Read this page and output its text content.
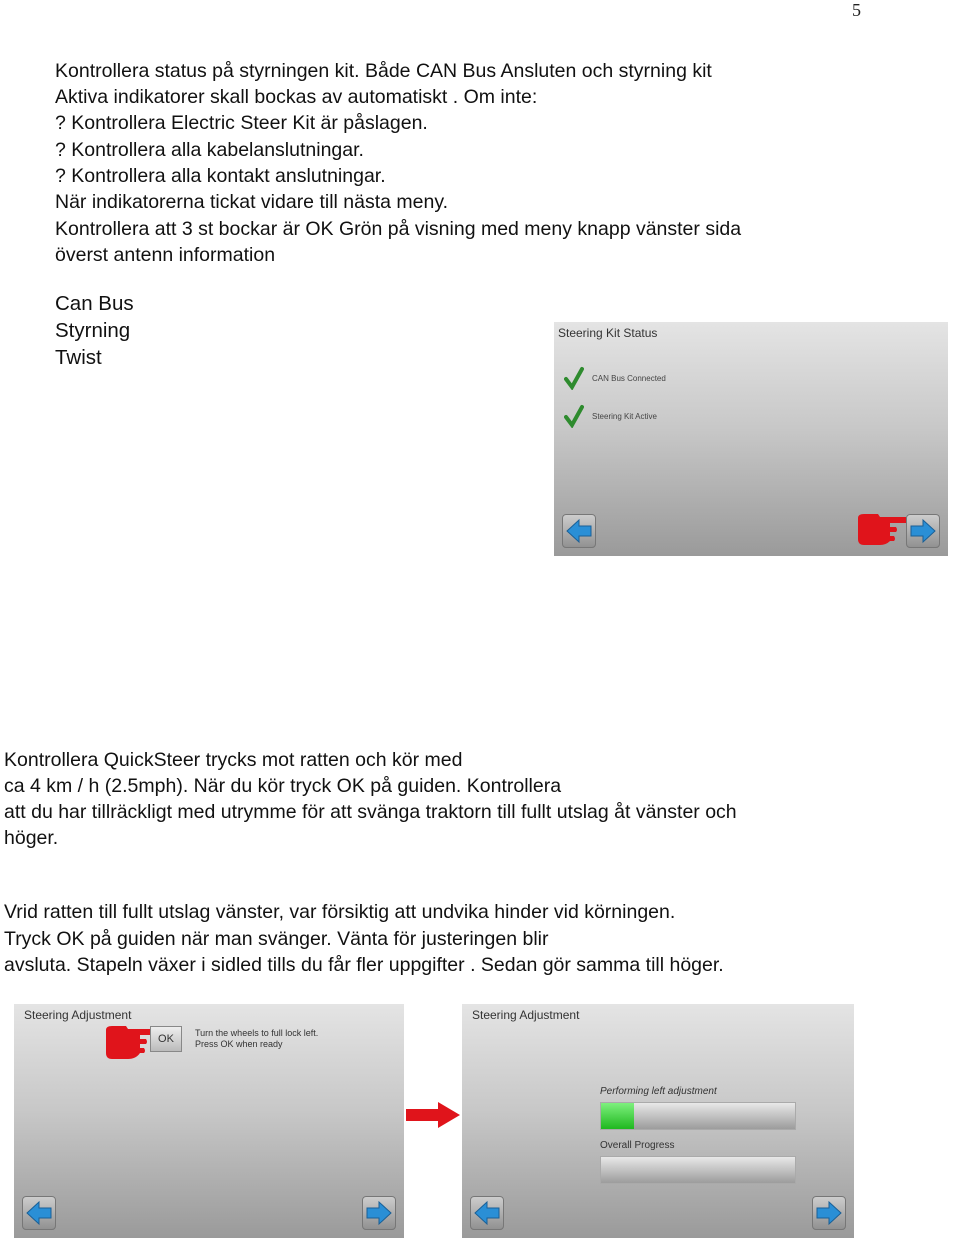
5
Kontrollera status på styrningen kit. Både CAN Bus Ansluten och styrning kit
Aktiva indikatorer skall bockas av automatiskt . Om inte:
? Kontrollera Electric Steer Kit är påslagen.
? Kontrollera alla kabelanslutningar.
? Kontrollera alla kontakt anslutningar.
När indikatorerna tickat vidare till nästa meny.
Kontrollera att 3 st bockar är OK Grön på visning med meny knapp vänster sida
överst antenn information
Can Bus
Styrning
Twist
Steering Kit Status
CAN Bus Connected
Steering Kit Active
Kontrollera QuickSteer trycks mot ratten och kör med
ca 4 km / h (2.5mph). När du kör tryck OK på guiden. Kontrollera
att du har tillräckligt med utrymme för att svänga traktorn till fullt utslag åt vänster och
höger.
Vrid ratten till fullt utslag vänster, var försiktig att undvika hinder vid körningen.
Tryck OK på guiden när man svänger. Vänta för justeringen blir
avsluta. Stapeln växer i sidled tills du får fler uppgifter . Sedan gör samma till höger.
Steering Adjustment
OK	Turn the wheels to full lock left.
Press OK when ready
Steering Adjustment
Performing left adjustment
Overall Progress
